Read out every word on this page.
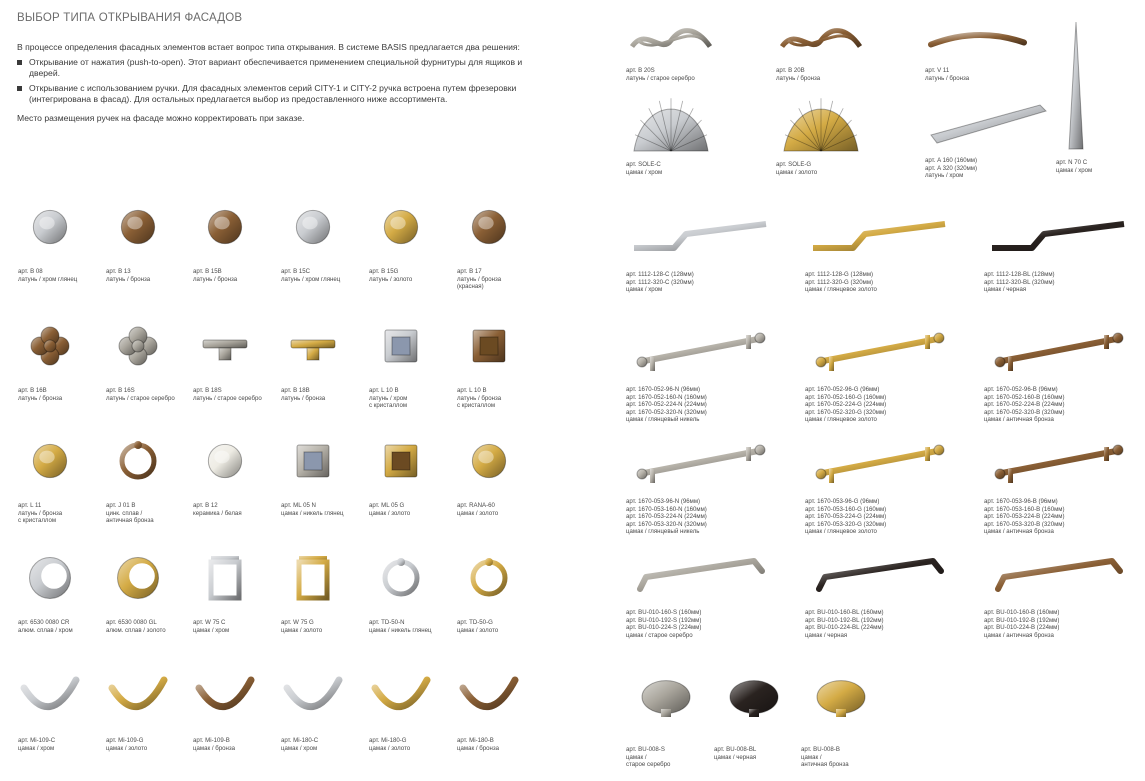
ВЫБОР ТИПА ОТКРЫВАНИЯ ФАСАДОВ

В процессе определения фасадных элементов встает вопрос типа открывания. В системе BASIS предлагается два решения:

Открывание от нажатия (push-to-open). Этот вариант обеспечивается применением специальной фурнитуры для ящиков и дверей.
Открывание с использованием ручки. Для фасадных элементов серий CITY-1 и CITY-2 ручка встроена путем фрезеровки (интегрирована в фасад). Для остальных предлагается выбор из предоставленного ниже ассортимента.

Место размещения ручек на фасаде можно корректировать при заказе.

арт. B 08
латунь / хром глянец
арт. B 13
латунь / бронза
арт. B 15B
латунь / бронза
арт. B 15C
латунь / хром глянец
арт. B 15G
латунь / золото
арт. B 17
латунь / бронза
(красная)
арт. B 16B
латунь / бронза
арт. B 16S
латунь / старое серебро
арт. B 18S
латунь / старое серебро
арт. B 18B
латунь / бронза
арт. L 10 B
латунь / хром
с кристаллом
арт. L 10 B
латунь / бронза
с кристаллом
арт. L 11
латунь / бронза
с кристаллом
арт. J 01 B
цинк. сплав /
античная бронза
арт. B 12
керамика / белая
арт. ML 05 N
цамак / никель глянец
арт. ML 05 G
цамак / золото
арт. RANA-60
цамак / золото
арт. 6530 0080 CR
алюм. сплав / хром
арт. 6530 0080 GL
алюм. сплав / золото
арт. W 75 C
цамак / хром
арт. W 75 G
цамак / золото
арт. TD-50-N
цамак / никель глянец
арт. TD-50-G
цамак / золото
арт. Mi-109-C
цамак / хром
арт. Mi-109-G
цамак / золото
арт. Mi-109-B
цамак / бронза
арт. Mi-180-C
цамак / хром
арт. Mi-180-G
цамак / золото
арт. Mi-180-B
цамак / бронза
арт. B 20S
латунь / старое серебро
арт. B 20B
латунь / бронза
арт. V 11
латунь / бронза
арт. SOLE-C
цамак / хром
арт. SOLE-G
цамак / золото
арт. A 160 (160мм)
арт. A 320 (320мм)
латунь / хром
арт. N 70 C
цамак / хром
арт. 1112-128-C (128мм)
арт. 1112-320-C (320мм)
цамак / хром
арт. 1112-128-G (128мм)
арт. 1112-320-G (320мм)
цамак / глянцевое золото
арт. 1112-128-BL (128мм)
арт. 1112-320-BL (320мм)
цамак / черная
арт. 1670-052-96-N (96мм)
арт. 1670-052-160-N (160мм)
арт. 1670-052-224-N (224мм)
арт. 1670-052-320-N (320мм)
цамак / глянцевый никель
арт. 1670-052-96-G (96мм)
арт. 1670-052-160-G (160мм)
арт. 1670-052-224-G (224мм)
арт. 1670-052-320-G (320мм)
цамак / глянцевое золото
арт. 1670-052-96-B (96мм)
арт. 1670-052-160-B (160мм)
арт. 1670-052-224-B (224мм)
арт. 1670-052-320-B (320мм)
цамак / античная бронза
арт. 1670-053-96-N (96мм)
арт. 1670-053-160-N (160мм)
арт. 1670-053-224-N (224мм)
арт. 1670-053-320-N (320мм)
цамак / глянцевый никель
арт. 1670-053-96-G (96мм)
арт. 1670-053-160-G (160мм)
арт. 1670-053-224-G (224мм)
арт. 1670-053-320-G (320мм)
цамак / глянцевое золото
арт. 1670-053-96-B (96мм)
арт. 1670-053-160-B (160мм)
арт. 1670-053-224-B (224мм)
арт. 1670-053-320-B (320мм)
цамак / античная бронза
арт. BU-010-160-S (160мм)
арт. BU-010-192-S (192мм)
арт. BU-010-224-S (224мм)
цамак / старое серебро
арт. BU-010-160-BL (160мм)
арт. BU-010-192-BL (192мм)
арт. BU-010-224-BL (224мм)
цамак / черная
арт. BU-010-160-B (160мм)
арт. BU-010-192-B (192мм)
арт. BU-010-224-B (224мм)
цамак / античная бронза
арт. BU-008-S
цамак /
старое серебро
арт. BU-008-BL
цамак / черная
арт. BU-008-B
цамак /
античная бронза
